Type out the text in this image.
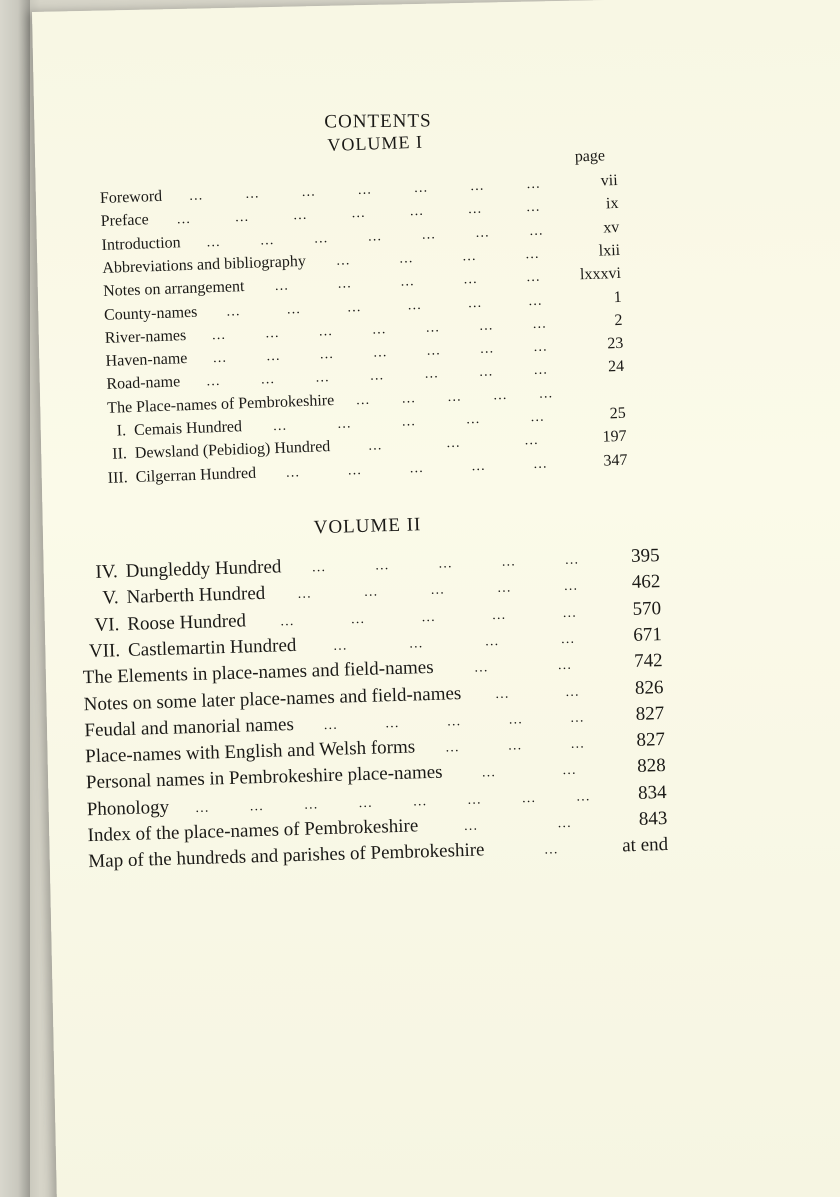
CONTENTS
VOLUME I
page
Foreword …	…	…	…	…	…	…	vii
Preface …	…	…	…	…	…	…	ix
Introduction …	…	…	…	…	…	…	xv
Abbreviations and bibliography …	…	…	…	lxii
Notes on arrangement …	…	…	…	…	lxxxvi
County-names …	…	…	…	…	…	1
River-names …	…	…	…	…	…	…	2
Haven-name …	…	…	…	…	…	…	23
Road-name …	…	…	…	…	…	…	24
The Place-names of Pembrokeshire … … … … …
I. Cemais Hundred …	…	…	…	…	25
II. Dewsland (Pebidiog) Hundred	…	…	…	197
III. Cilgerran Hundred …	…	…	…	…	347
VOLUME II
IV. Dungleddy Hundred …	…	…	…	…	395
V. Narberth Hundred …	…	…	…	…	462
VI. Roose Hundred …	…	…	…	…	570
VII. Castlemartin Hundred	…	…	…	…	671
The Elements in place-names and field-names	…	…	742
Notes on some later place-names and field-names …	…	826
Feudal and manorial names …	…	…	…	…	827
Place-names with English and Welsh forms …	…	…	827
Personal names in Pembrokeshire place-names	…	…	828
Phonology …	…	…	…	…	…	…	…	834
Index of the place-names of Pembrokeshire	…	…	843
Map of the hundreds and parishes of Pembrokeshire	…	at end
